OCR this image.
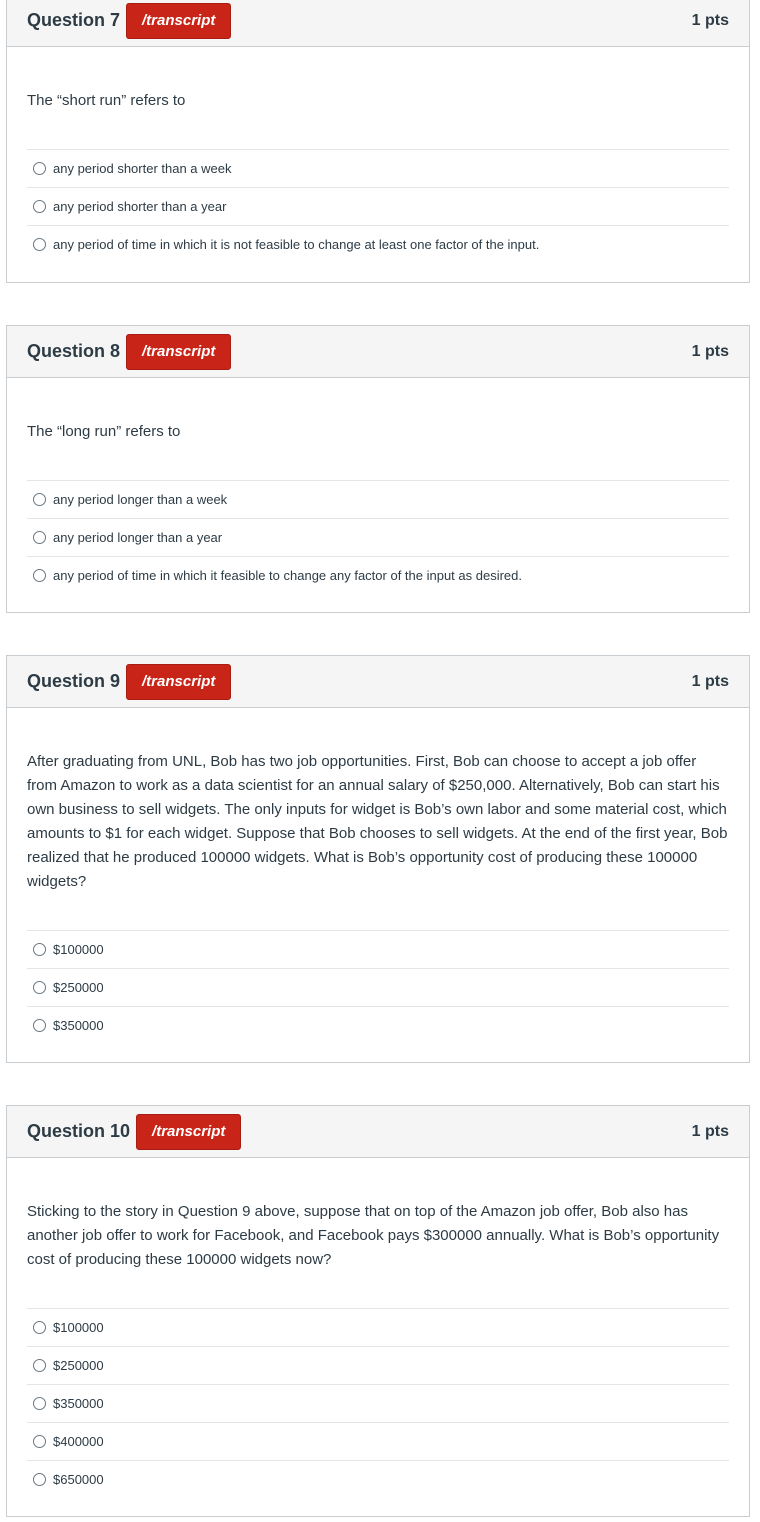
Question 7	/transcript	1 pts
The “short run” refers to
any period shorter than a week
any period shorter than a year
any period of time in which it is not feasible to change at least one factor of the input.
Question 8	/transcript	1 pts
The “long run” refers to
any period longer than a week
any period longer than a year
any period of time in which it feasible to change any factor of the input as desired.
Question 9	/transcript	1 pts
After graduating from UNL, Bob has two job opportunities. First, Bob can choose to accept a job offer from Amazon to work as a data scientist for an annual salary of $250,000. Alternatively, Bob can start his own business to sell widgets. The only inputs for widget is Bob’s own labor and some material cost, which amounts to $1 for each widget. Suppose that Bob chooses to sell widgets. At the end of the first year, Bob realized that he produced 100000 widgets. What is Bob’s opportunity cost of producing these 100000 widgets?
$100000
$250000
$350000
Question 10	/transcript	1 pts
Sticking to the story in Question 9 above, suppose that on top of the Amazon job offer, Bob also has another job offer to work for Facebook, and Facebook pays $300000 annually. What is Bob’s opportunity cost of producing these 100000 widgets now?
$100000
$250000
$350000
$400000
$650000
